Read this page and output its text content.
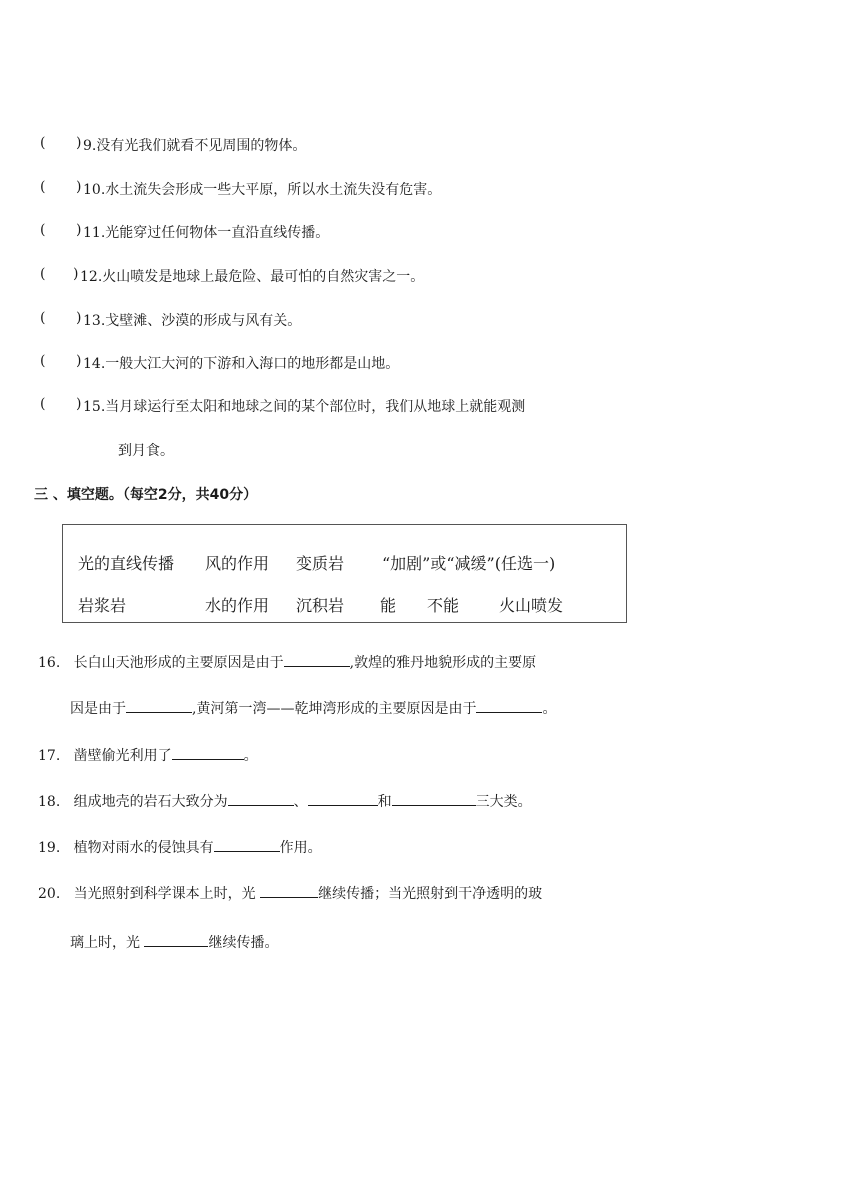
( ) 9.没有光我们就看不见周围的物体。
( ) 10.水土流失会形成一些大平原，所以水土流失没有危害。
( ) 11.光能穿过任何物体一直沿直线传播。
( ) 12.火山喷发是地球上最危险、最可怕的自然灾害之一。
( ) 13.戈壁滩、沙漠的形成与风有关。
( ) 14.一般大江大河的下游和入海口的地形都是山地。
( ) 15.当月球运行至太阳和地球之间的某个部位时，我们从地球上就能观测
到月食。
三 、填空题。（每空2分，共40分）
光的直线传播 风的作用 变质岩 “加剧”或“减缓”(任选一)
岩浆岩	水的作用 沉积岩 能 不能 火山喷发
16. 长白山天池形成的主要原因是由于	,敦煌的雅丹地貌形成的主要原
因是由于	,黄河第一湾——乾坤湾形成的主要原因是由于	。
17. 凿壁偷光利用了	。
18. 组成地壳的岩石大致分为	、	和	三大类。
19. 植物对雨水的侵蚀具有	作用。
20. 当光照射到科学课本上时，光	继续传播；当光照射到干净透明的玻
璃上时，光	继续传播。
